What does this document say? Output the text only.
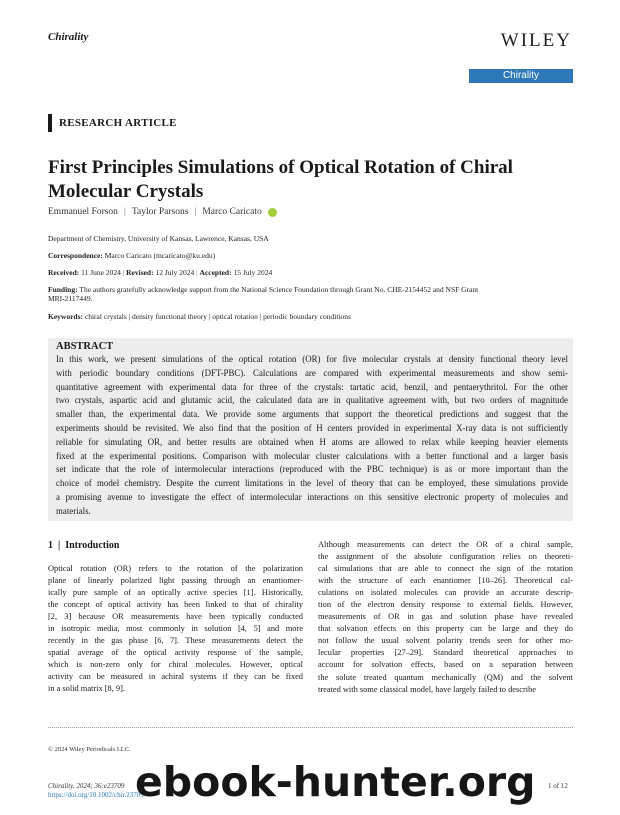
Chirality	WILEY
Chirality
RESEARCH ARTICLE
First Principles Simulations of Optical Rotation of Chiral
Molecular Crystals
Emmanuel Forson | Taylor Parsons | Marco Caricato
Department of Chemistry, University of Kansas, Lawrence, Kansas, USA
Correspondence: Marco Caricato (mcaricato@ku.edu)
Received: 11 June 2024 | Revised: 12 July 2024 | Accepted: 15 July 2024
Funding: The authors gratefully acknowledge support from the National Science Foundation through Grant No. CHE-2154452 and NSF Grant
MRI-2117449.
Keywords: chiral crystals | density functional theory | optical rotation | periodic boundary conditions
ABSTRACT
In this work, we present simulations of the optical rotation (OR) for five molecular crystals at density functional theory level
with periodic boundary conditions (DFT-PBC). Calculations are compared with experimental measurements and show semi-
quantitative agreement with experimental data for three of the crystals: tartatic acid, benzil, and pentaerythritol. For the other
two crystals, aspartic acid and glutamic acid, the calculated data are in qualitative agreement with, but two orders of magnitude
smaller than, the experimental data. We provide some arguments that support the theoretical predictions and suggest that the
experiments should be revisited. We also find that the position of H centers provided in experimental X-ray data is not sufficiently
reliable for simulating OR, and better results are obtained when H atoms are allowed to relax while keeping heavier elements
fixed at the experimental positions. Comparison with molecular cluster calculations with a better functional and a larger basis
set indicate that the role of intermolecular interactions (reproduced with the PBC technique) is as or more important than the
choice of model chemistry. Despite the current limitations in the level of theory that can be employed, these simulations provide
a promising avenue to investigate the effect of intermolecular interactions on this sensitive electronic property of molecules and
materials.
1 | Introduction
Optical rotation (OR) refers to the rotation of the polarization
plane of linearly polarized light passing through an enantiomer-
ically pure sample of an optically active species [1]. Historically,
the concept of optical activity has been linked to that of chirality
[2, 3] because OR measurements have been typically conducted
in isotropic media, most commonly in solution [4, 5] and more
recently in the gas phase [6, 7]. These measurements detect the
spatial average of the optical activity response of the sample,
which is non-zero only for chiral molecules. However, optical
activity can be measured in achiral systems if they can be fixed
in a solid matrix [8, 9].
Although measurements can detect the OR of a chiral sample,
the assignment of the absolute configuration relies on theoreti-
cal simulations that are able to connect the sign of the rotation
with the structure of each enantiomer [10–26]. Theoretical cal-
culations on isolated molecules can provide an accurate descrip-
tion of the electron density response to external fields. However,
measurements of OR in gas and solution phase have revealed
that solvation effects on this property can be large and they do
not follow the usual solvent polarity trends seen for other mo-
lecular properties [27–29]. Standard theoretical approaches to
account for solvation effects, based on a separation between
the solute treated quantum mechanically (QM) and the solvent
treated with some classical model, have largely failed to describe
© 2024 Wiley Periodicals LLC.
Chirality, 2024; 36:e23709
https://doi.org/10.1002/chir.23709
1 of 12
ebook-hunter.org
